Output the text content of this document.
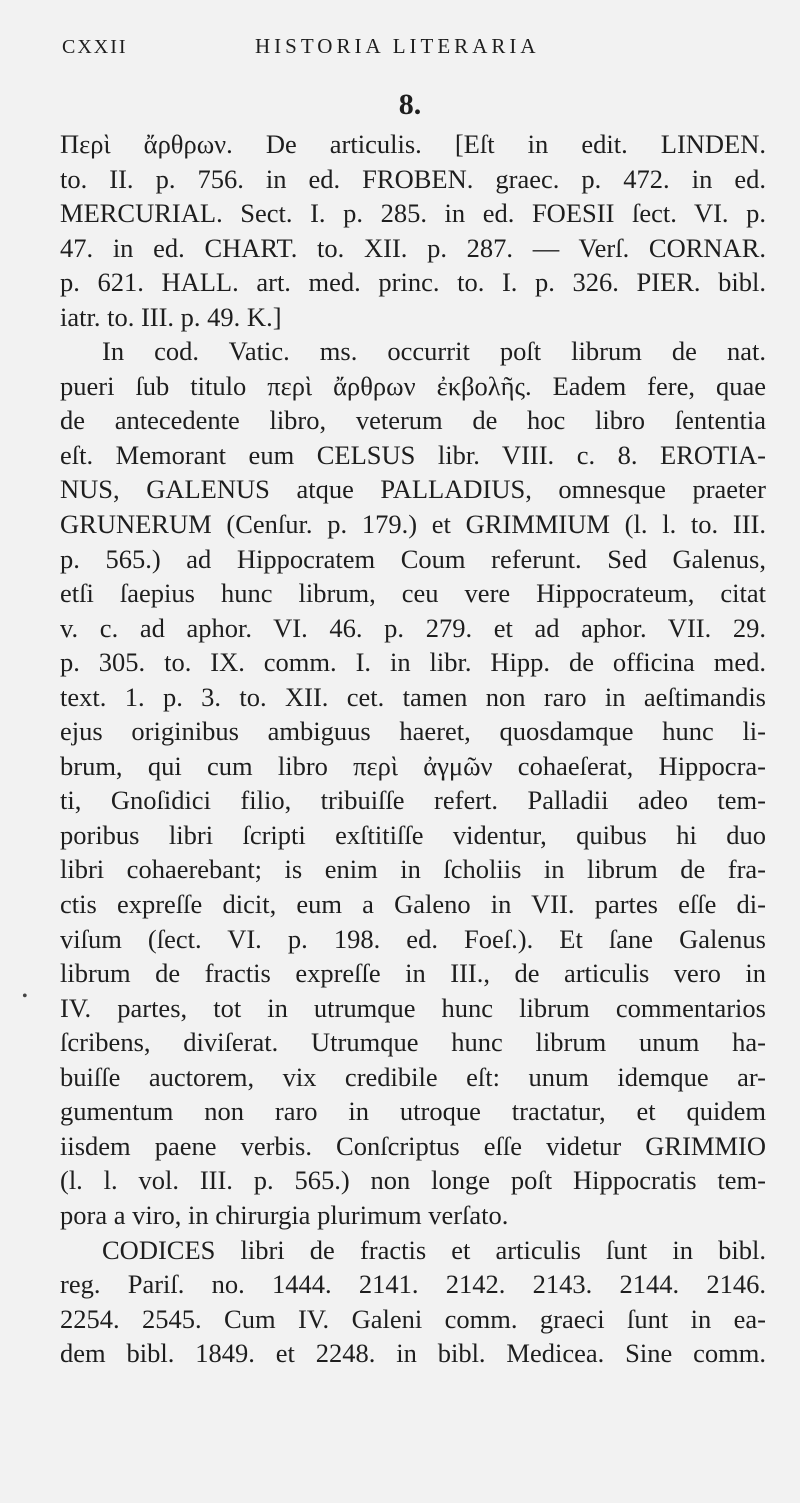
CXXII	HISTORIA LITERARIA
8.
Περὶ ἄρθρων. De articulis. [Eſt in edit. LINDEN.
to. II. p. 756. in ed. FROBEN. graec. p. 472. in ed.
MERCURIAL. Sect. I. p. 285. in ed. FOESII ſect. VI. p.
47. in ed. CHART. to. XII. p. 287. — Verſ. CORNAR.
p. 621. HALL. art. med. princ. to. I. p. 326. PIER. bibl.
iatr. to. III. p. 49. K.]
In cod. Vatic. ms. occurrit poſt librum de nat.
pueri ſub titulo περὶ ἄρθρων ἐκβολῆς. Eadem fere, quae
de antecedente libro, veterum de hoc libro ſententia
eſt. Memorant eum CELSUS libr. VIII. c. 8. EROTIA-
NUS, GALENUS atque PALLADIUS, omnesque praeter
GRUNERUM (Cenſur. p. 179.) et GRIMMIUM (l. l. to. III.
p. 565.) ad Hippocratem Coum referunt. Sed Galenus,
etſi ſaepius hunc librum, ceu vere Hippocrateum, citat
v. c. ad aphor. VI. 46. p. 279. et ad aphor. VII. 29.
p. 305. to. IX. comm. I. in libr. Hipp. de officina med.
text. 1. p. 3. to. XII. cet. tamen non raro in aeſtimandis
ejus originibus ambiguus haeret, quosdamque hunc li-
brum, qui cum libro περὶ ἀγμῶν cohaeſerat, Hippocra-
ti, Gnoſidici filio, tribuiſſe refert. Palladii adeo tem-
poribus libri ſcripti exſtitiſſe videntur, quibus hi duo
libri cohaerebant; is enim in ſcholiis in librum de fra-
ctis expreſſe dicit, eum a Galeno in VII. partes eſſe di-
viſum (ſect. VI. p. 198. ed. Foeſ.). Et ſane Galenus
librum de fractis expreſſe in III., de articulis vero in
IV. partes, tot in utrumque hunc librum commentarios
ſcribens, diviſerat. Utrumque hunc librum unum ha-
buiſſe auctorem, vix credibile eſt: unum idemque ar-
gumentum non raro in utroque tractatur, et quidem
iisdem paene verbis. Conſcriptus eſſe videtur GRIMMIO
(l. l. vol. III. p. 565.) non longe poſt Hippocratis tem-
pora a viro, in chirurgia plurimum verſato.
CODICES libri de fractis et articulis ſunt in bibl.
reg. Pariſ. no. 1444. 2141. 2142. 2143. 2144. 2146.
2254. 2545. Cum IV. Galeni comm. graeci ſunt in ea-
dem bibl. 1849. et 2248. in bibl. Medicea. Sine comm.
•
